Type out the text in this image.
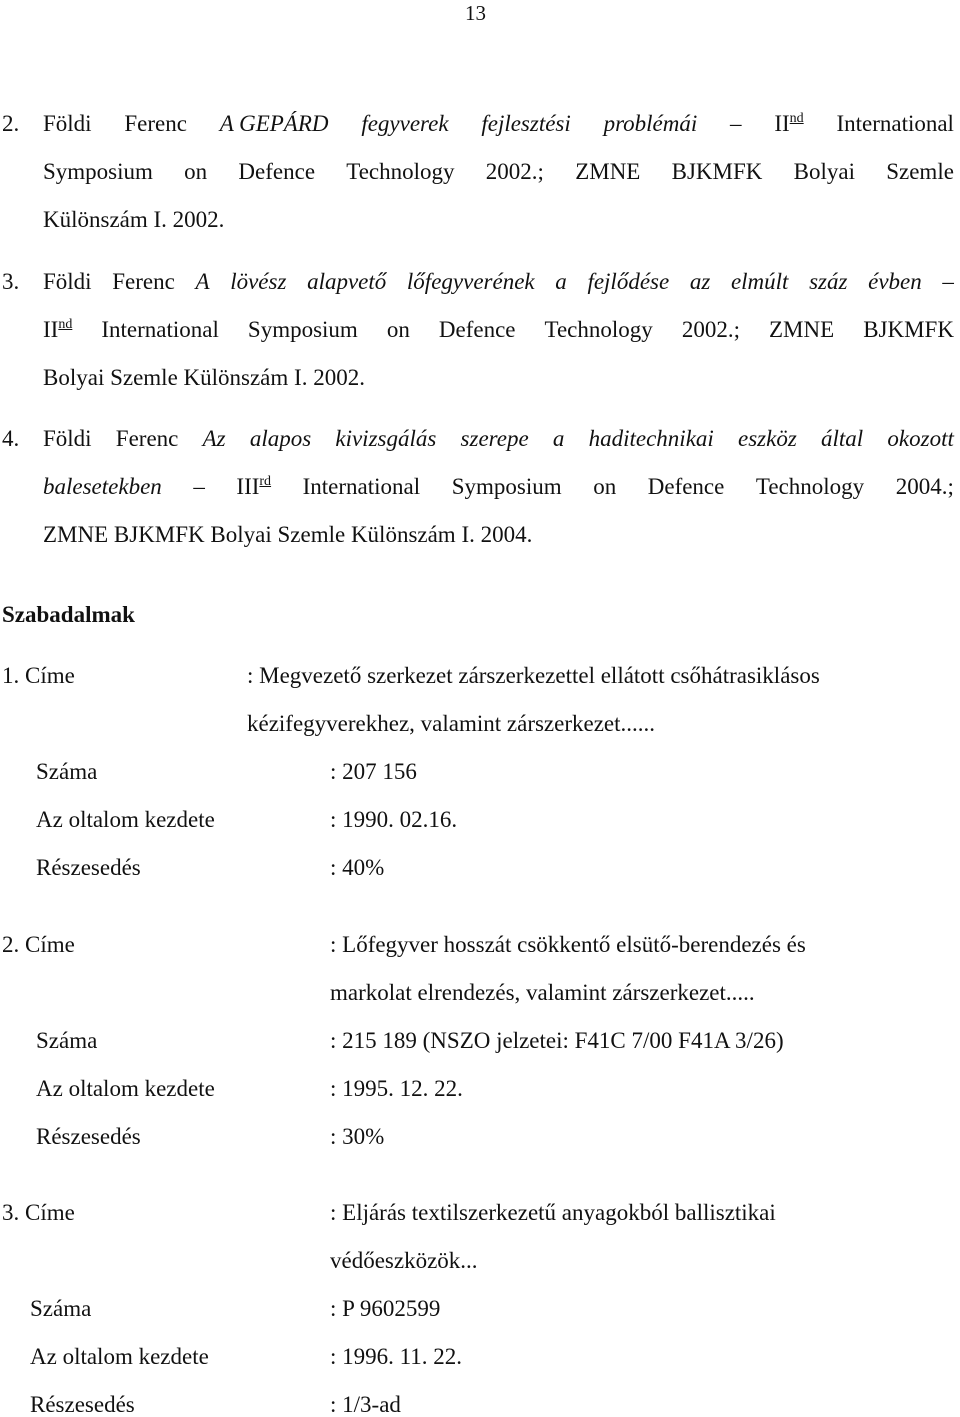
13
2. Földi Ferenc A GEPÁRD fegyverek fejlesztési problémái – IInd International
Symposium on Defence Technology 2002.; ZMNE BJKMFK Bolyai Szemle
Különszám I. 2002.
3. Földi Ferenc A lövész alapvető lőfegyverének a fejlődése az elmúlt száz évben –
IInd International Symposium on Defence Technology 2002.; ZMNE BJKMFK
Bolyai Szemle Különszám I. 2002.
4. Földi Ferenc Az alapos kivizsgálás szerepe a haditechnikai eszköz által okozott
balesetekben – IIIrd International Symposium on Defence Technology 2004.;
ZMNE BJKMFK Bolyai Szemle Különszám I. 2004.
Szabadalmak
1. Címe	: Megvezető szerkezet zárszerkezettel ellátott csőhátrasiklásos
kézifegyverekhez, valamint zárszerkezet......
Száma	: 207 156
Az oltalom kezdete	: 1990. 02.16.
Részesedés	: 40%
2. Címe	: Lőfegyver hosszát csökkentő elsütő-berendezés és
markolat elrendezés, valamint zárszerkezet.....
Száma	: 215 189 (NSZO jelzetei: F41C 7/00 F41A 3/26)
Az oltalom kezdete	: 1995. 12. 22.
Részesedés	: 30%
3. Címe	: Eljárás textilszerkezetű anyagokból ballisztikai
védőeszközök...
Száma	: P 9602599
Az oltalom kezdete	: 1996. 11. 22.
Részesedés	: 1/3-ad
